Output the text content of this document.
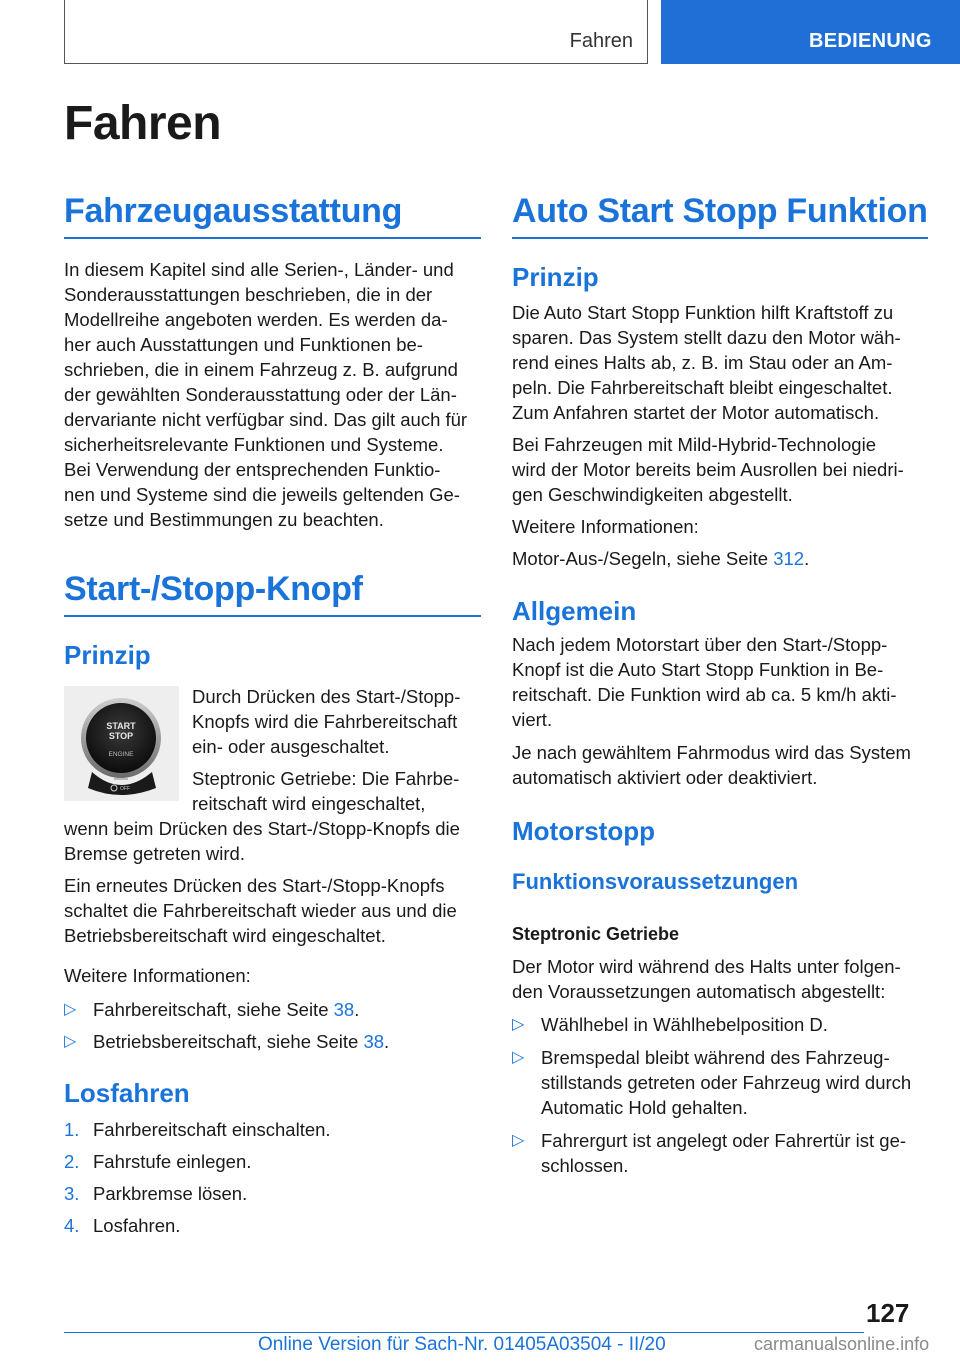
Fahren	BEDIENUNG
Fahren
Fahrzeugausstattung

In diesem Kapitel sind alle Serien-, Länder- und
Sonderausstattungen beschrieben, die in der
Modellreihe angeboten werden. Es werden da-
her auch Ausstattungen und Funktionen be-
schrieben, die in einem Fahrzeug z. B. aufgrund
der gewählten Sonderausstattung oder der Län-
dervariante nicht verfügbar sind. Das gilt auch für
sicherheitsrelevante Funktionen und Systeme.
Bei Verwendung der entsprechenden Funktio-
nen und Systeme sind die jeweils geltenden Ge-
setze und Bestimmungen zu beachten.

Start-/Stopp-Knopf
Prinzip
START
STOP
ENGINE
OFF

Durch Drücken des Start-/Stopp-
Knopfs wird die Fahrbereitschaft
ein- oder ausgeschaltet.

Steptronic Getriebe: Die Fahrbe-
reitschaft wird eingeschaltet,

wenn beim Drücken des Start-/Stopp-Knopfs die
Bremse getreten wird.

Ein erneutes Drücken des Start-/Stopp-Knopfs
schaltet die Fahrbereitschaft wieder aus und die
Betriebsbereitschaft wird eingeschaltet.

Weitere Informationen:

▷ Fahrbereitschaft, siehe Seite 38.

▷ Betriebsbereitschaft, siehe Seite 38.

Losfahren

1. Fahrbereitschaft einschalten.

2. Fahrstufe einlegen.

3. Parkbremse lösen.

4. Losfahren.

Auto Start Stopp Funktion
Prinzip

Die Auto Start Stopp Funktion hilft Kraftstoff zu
sparen. Das System stellt dazu den Motor wäh-
rend eines Halts ab, z. B. im Stau oder an Am-
peln. Die Fahrbereitschaft bleibt eingeschaltet.
Zum Anfahren startet der Motor automatisch.

Bei Fahrzeugen mit Mild-Hybrid-Technologie
wird der Motor bereits beim Ausrollen bei niedri-
gen Geschwindigkeiten abgestellt.

Weitere Informationen:

Motor-Aus-/Segeln, siehe Seite 312.

Allgemein

Nach jedem Motorstart über den Start-/Stopp-
Knopf ist die Auto Start Stopp Funktion in Be-
reitschaft. Die Funktion wird ab ca. 5 km/h akti-
viert.

Je nach gewähltem Fahrmodus wird das System
automatisch aktiviert oder deaktiviert.

Motorstopp
Funktionsvoraussetzungen
Steptronic Getriebe

Der Motor wird während des Halts unter folgen-
den Voraussetzungen automatisch abgestellt:

▷ Wählhebel in Wählhebelposition D.

▷ Bremspedal bleibt während des Fahrzeug-
stillstands getreten oder Fahrzeug wird durch
Automatic Hold gehalten.

▷ Fahrergurt ist angelegt oder Fahrertür ist ge-
schlossen.

127
Online Version für Sach-Nr. 01405A03504 - II/20	carmanualsonline.info
